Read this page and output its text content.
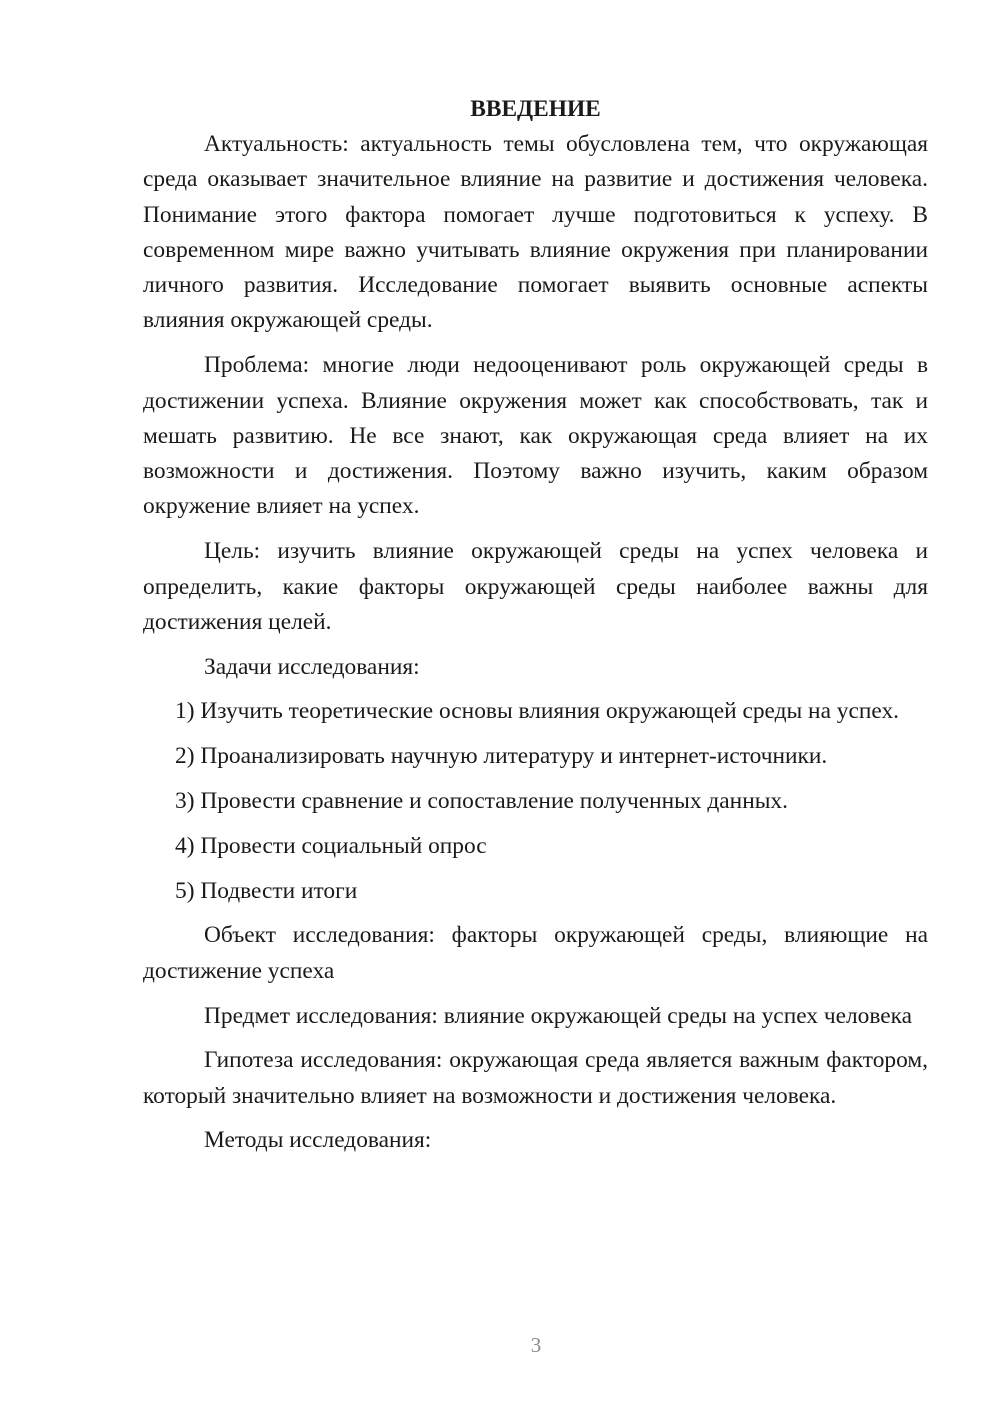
ВВЕДЕНИЕ

Актуальность: актуальность темы обусловлена тем, что окружающая среда оказывает значительное влияние на развитие и достижения человека. Понимание этого фактора помогает лучше подготовиться к успеху. В современном мире важно учитывать влияние окружения при планировании личного развития. Исследование помогает выявить основные аспекты влияния окружающей среды.

Проблема: многие люди недооценивают роль окружающей среды в достижении успеха. Влияние окружения может как способствовать, так и мешать развитию. Не все знают, как окружающая среда влияет на их возможности и достижения. Поэтому важно изучить, каким образом окружение влияет на успех.

Цель: изучить влияние окружающей среды на успех человека и определить, какие факторы окружающей среды наиболее важны для достижения целей.

Задачи исследования:

1) Изучить теоретические основы влияния окружающей среды на успех.

2) Проанализировать научную литературу и интернет-источники.

3) Провести сравнение и сопоставление полученных данных.

4) Провести социальный опрос

5) Подвести итоги

Объект исследования: факторы окружающей среды, влияющие на достижение успеха

Предмет исследования: влияние окружающей среды на успех человека

Гипотеза исследования: окружающая среда является важным фактором, который значительно влияет на возможности и достижения человека.

Методы исследования:

3
